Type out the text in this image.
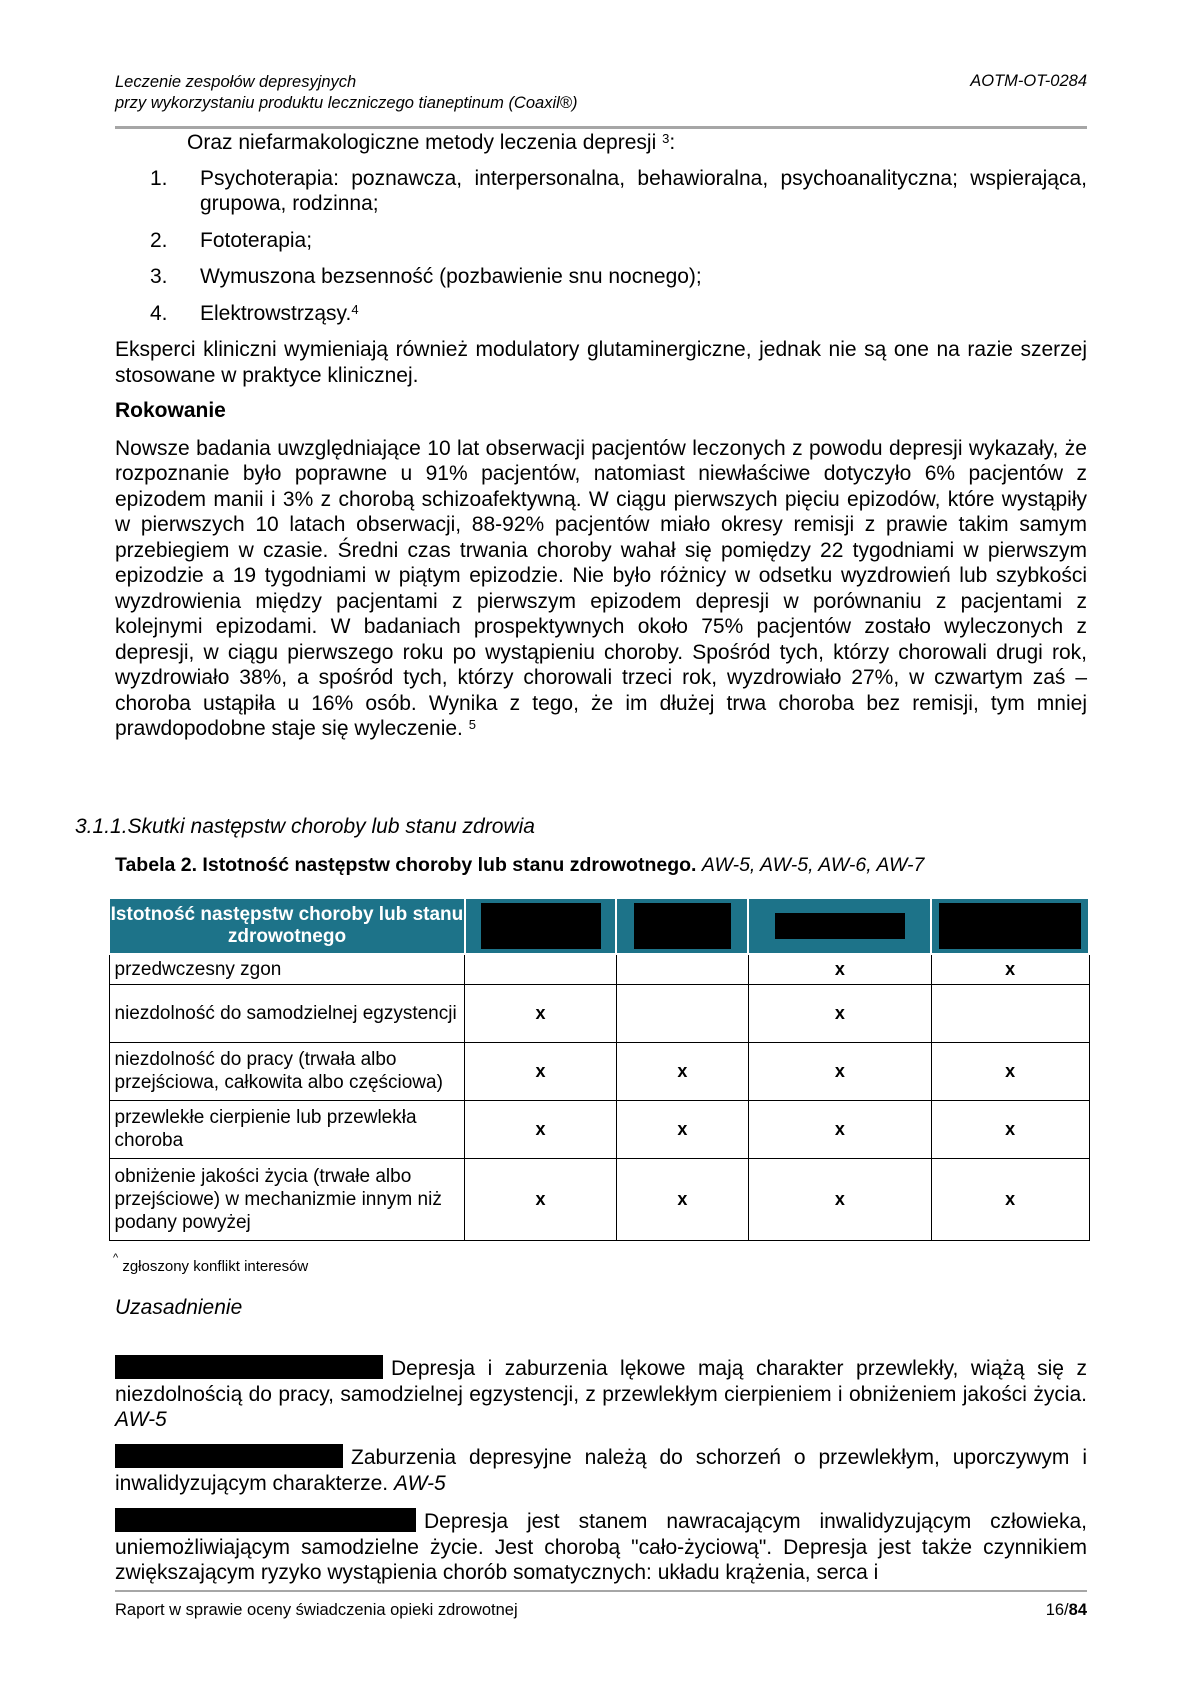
Leczenie zespołów depresyjnych
przy wykorzystaniu produktu leczniczego tianeptinum (Coaxil®)
AOTM-OT-0284

Oraz niefarmakologiczne metody leczenia depresji $^3$:

1.	Psychoterapia: poznawcza, interpersonalna, behawioralna, psychoanalityczna; wspierająca, grupowa, rodzinna;
2.	Fototerapia;
3.	Wymuszona bezsenność (pozbawienie snu nocnego);
4.	Elektrowstrząsy.$^4$

Eksperci kliniczni wymieniają również modulatory glutaminergiczne, jednak nie są one na razie szerzej stosowane w praktyce klinicznej.

Rokowanie

Nowsze badania uwzględniające 10 lat obserwacji pacjentów leczonych z powodu depresji wykazały, że rozpoznanie było poprawne u 91% pacjentów, natomiast niewłaściwe dotyczyło 6% pacjentów z epizodem manii i 3% z chorobą schizoafektywną. W ciągu pierwszych pięciu epizodów, które wystąpiły w pierwszych 10 latach obserwacji, 88-92% pacjentów miało okresy remisji z prawie takim samym przebiegiem w czasie. Średni czas trwania choroby wahał się pomiędzy 22 tygodniami w pierwszym epizodzie a 19 tygodniami w piątym epizodzie. Nie było różnicy w odsetku wyzdrowień lub szybkości wyzdrowienia między pacjentami z pierwszym epizodem depresji w porównaniu z pacjentami z kolejnymi epizodami. W badaniach prospektywnych około 75% pacjentów zostało wyleczonych z depresji, w ciągu pierwszego roku po wystąpieniu choroby. Spośród tych, którzy chorowali drugi rok, wyzdrowiało 38%, a spośród tych, którzy chorowali trzeci rok, wyzdrowiało 27%, w czwartym zaś – choroba ustąpiła u 16% osób. Wynika z tego, że im dłużej trwa choroba bez remisji, tym mniej prawdopodobne staje się wyleczenie. $^5$

3.1.1.Skutki następstw choroby lub stanu zdrowia
Tabela 2. Istotność następstw choroby lub stanu zdrowotnego. AW-5, AW-5, AW-6, AW-7
Istotność następstw choroby lub stanu zdrowotnego				
przedwczesny zgon			x	x
niezdolność do samodzielnej egzystencji	x		x	
niezdolność do pracy (trwała albo przejściowa, całkowita albo częściowa)	x	x	x	x
przewlekłe cierpienie lub przewlekła choroba	x	x	x	x
obniżenie jakości życia (trwałe albo przejściowe) w mechanizmie innym niż podany powyżej	x	x	x	x
^ zgłoszony konflikt interesów
Uzasadnienie

Depresja i zaburzenia lękowe mają charakter przewlekły, wiążą się z niezdolnością do pracy, samodzielnej egzystencji, z przewlekłym cierpieniem i obniżeniem jakości życia. AW-5

Zaburzenia depresyjne należą do schorzeń o przewlekłym, uporczywym i inwalidyzującym charakterze. AW-5

Depresja jest stanem nawracającym inwalidyzującym człowieka, uniemożliwiającym samodzielne życie. Jest chorobą "cało-życiową". Depresja jest także czynnikiem zwiększającym ryzyko wystąpienia chorób somatycznych: układu krążenia, serca i

Raport w sprawie oceny świadczenia opieki zdrowotnej	16/84
